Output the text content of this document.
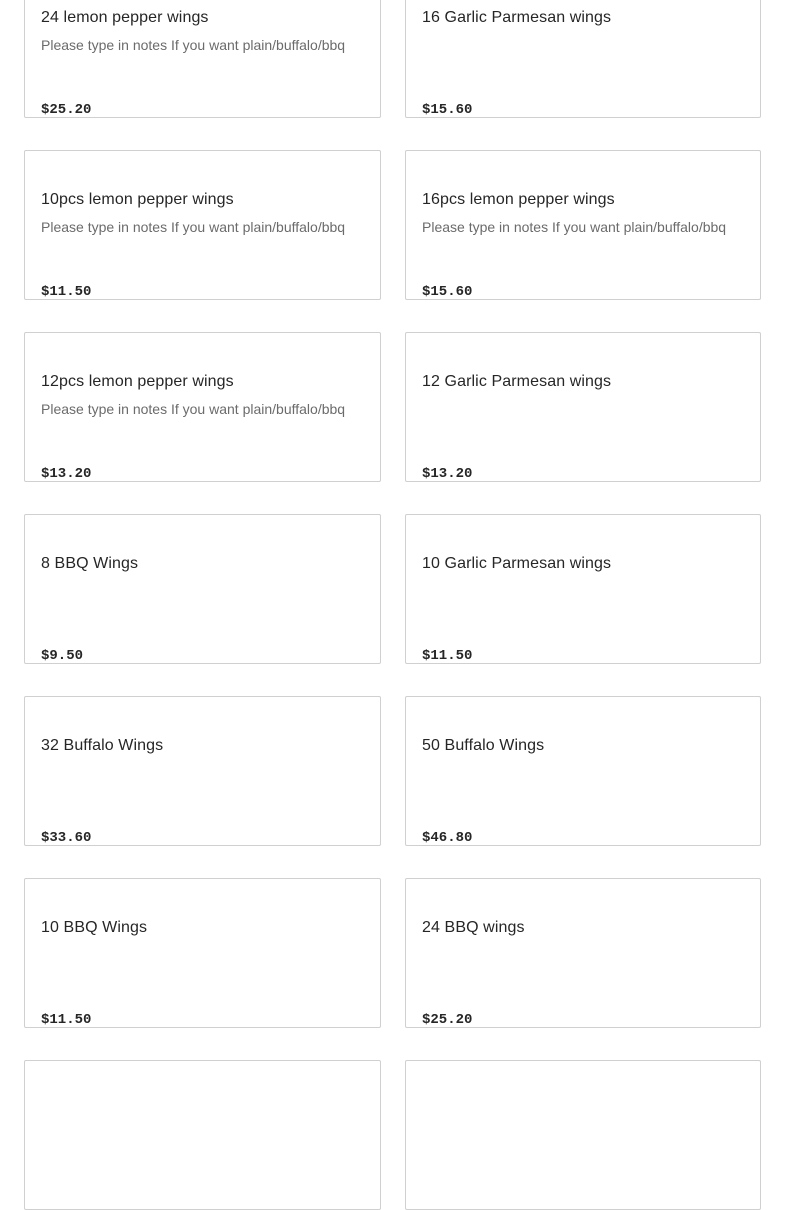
24 lemon pepper wings
Please type in notes If you want plain/buffalo/bbq
$25.20
16 Garlic Parmesan wings
$15.60
10pcs lemon pepper wings
Please type in notes If you want plain/buffalo/bbq
$11.50
16pcs lemon pepper wings
Please type in notes If you want plain/buffalo/bbq
$15.60
12pcs lemon pepper wings
Please type in notes If you want plain/buffalo/bbq
$13.20
12 Garlic Parmesan wings
$13.20
8 BBQ Wings
$9.50
10 Garlic Parmesan wings
$11.50
32 Buffalo Wings
$33.60
50 Buffalo Wings
$46.80
10 BBQ Wings
$11.50
24 BBQ wings
$25.20
